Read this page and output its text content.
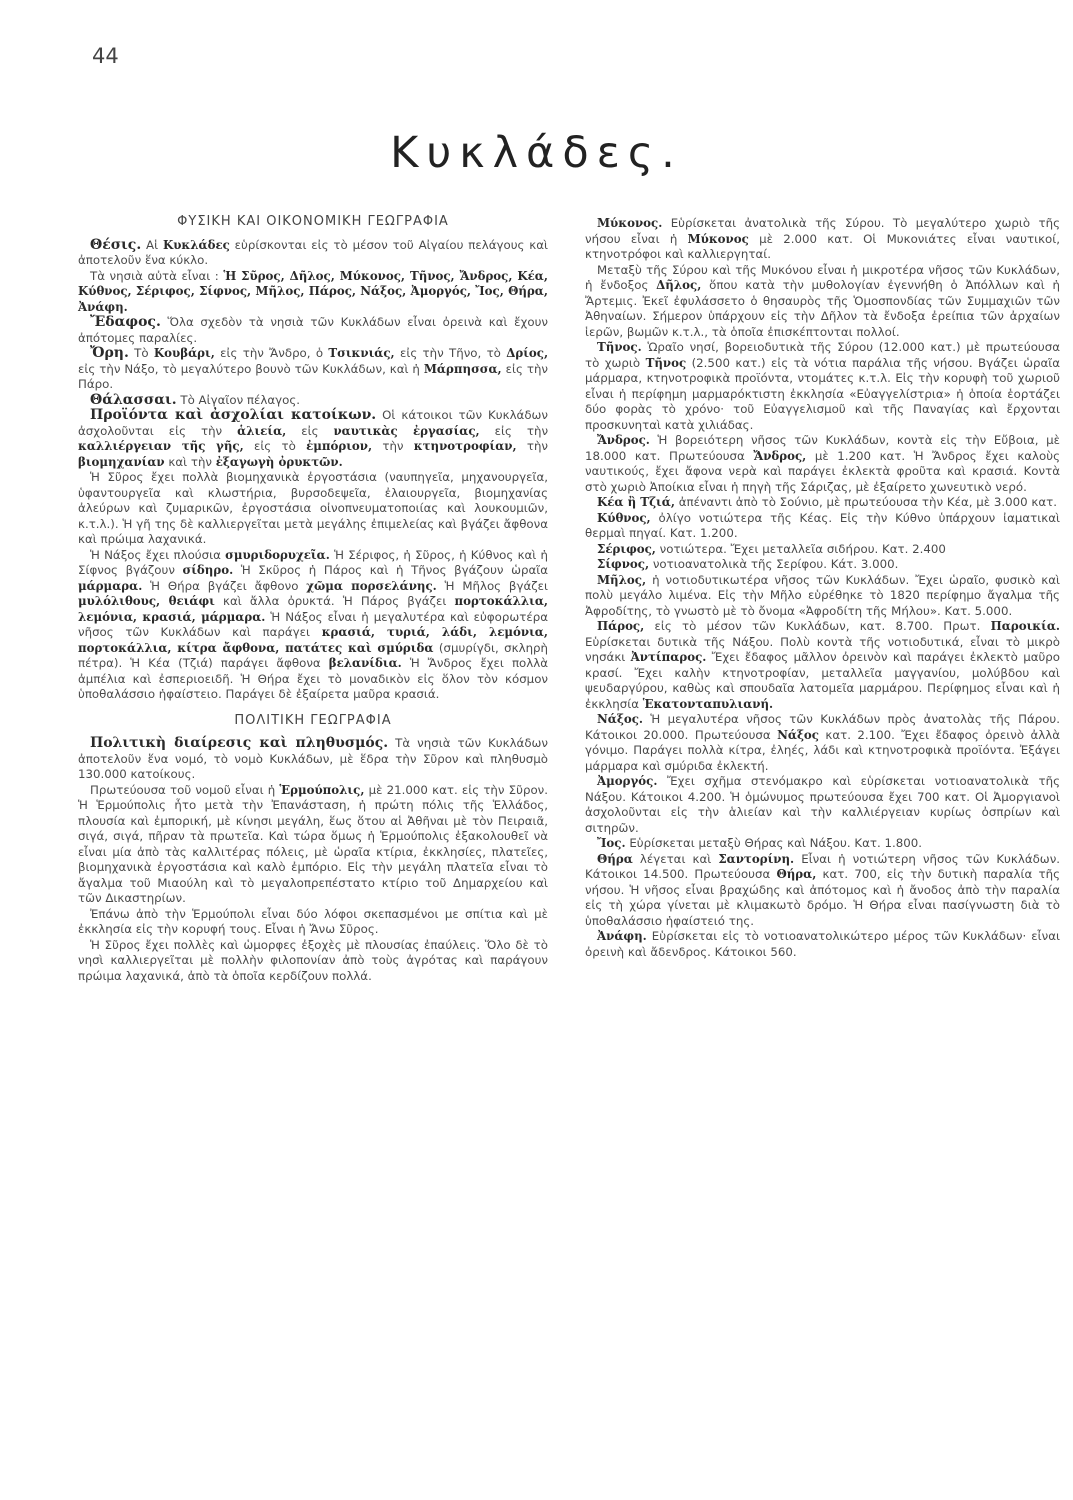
44
Κυκλάδες.
ΦΥΣΙΚΗ ΚΑΙ ΟΙΚΟΝΟΜΙΚΗ ΓΕΩΓΡΑΦΙΑ

Θέσις. Αἱ Κυκλάδες εὑρίσκονται εἰς τὸ μέσον τοῦ Αἰγαίου πελάγους καὶ ἀποτελοῦν ἕνα κύκλο.

Τὰ νησιὰ αὐτὰ εἶναι : Ἡ Σῦρος, Δῆλος, Μύκονος, Τῆνος, Ἄνδρος, Κέα, Κύθνος, Σέριφος, Σίφνος, Μῆλος, Πάρος, Νάξος, Ἀμοργός, Ἴος, Θήρα, Ἀνάφη.

Ἔδαφος. Ὅλα σχεδὸν τὰ νησιὰ τῶν Κυκλάδων εἶναι ὀρεινὰ καὶ ἔχουν ἀπότομες παραλίες.

Ὄρη. Τὸ Κουβάρι, εἰς τὴν Ἄνδρο, ὁ Τσικνιάς, εἰς τὴν Τῆνο, τὸ Δρίος, εἰς τὴν Νάξο, τὸ μεγαλύτερο βουνὸ τῶν Κυκλάδων, καὶ ἡ Μάρπησσα, εἰς τὴν Πάρο.

Θάλασσαι. Τὸ Αἰγαῖον πέλαγος.

Προϊόντα καὶ ἀσχολίαι κατοίκων. Οἱ κάτοικοι τῶν Κυκλάδων ἀσχολοῦνται εἰς τὴν ἁλιεία, εἰς ναυτικὰς ἐργασίας, εἰς τὴν καλλιέργειαν τῆς γῆς, εἰς τὸ ἐμπόριον, τὴν κτηνοτροφίαν, τὴν βιομηχανίαν καὶ τὴν ἐξαγωγὴ ὀρυκτῶν.

Ἡ Σῦρος ἔχει πολλὰ βιομηχανικὰ ἐργοστάσια (ναυπηγεῖα, μηχανουργεῖα, ὑφαντουργεῖα καὶ κλωστήρια, βυρσοδεψεῖα, ἐλαιουργεῖα, βιομηχανίας ἀλεύρων καὶ ζυμαρικῶν, ἐργοστάσια οἰνοπνευματοποιίας καὶ λουκουμιῶν, κ.τ.λ.). Ἡ γῆ της δὲ καλλιεργεῖται μετὰ μεγάλης ἐπιμελείας καὶ βγάζει ἄφθονα καὶ πρώιμα λαχανικά.

Ἡ Νάξος ἔχει πλούσια σμυριδορυχεῖα. Ἡ Σέριφος, ἡ Σῦρος, ἡ Κύθνος καὶ ἡ Σίφνος βγάζουν σίδηρο. Ἡ Σκῦρος ἡ Πάρος καὶ ἡ Τῆνος βγάζουν ὡραῖα μάρμαρα. Ἡ Θήρα βγάζει ἄφθονο χῶμα πορσελάνης. Ἡ Μῆλος βγάζει μυλόλιθους, θειάφι καὶ ἄλλα ὀρυκτά. Ἡ Πάρος βγάζει πορτοκάλλια, λεμόνια, κρασιά, μάρμαρα. Ἡ Νάξος εἶναι ἡ μεγαλυτέρα καὶ εὐφορωτέρα νῆσος τῶν Κυκλάδων καὶ παράγει κρασιά, τυριά, λάδι, λεμόνια, πορτοκάλλια, κίτρα ἄφθονα, πατάτες καὶ σμύριδα (σμυρίγδι, σκληρὴ πέτρα). Ἡ Κέα (Τζιά) παράγει ἄφθονα βελανίδια. Ἡ Ἄνδρος ἔχει πολλὰ ἀμπέλια καὶ ἐσπεριοειδῆ. Ἡ Θήρα ἔχει τὸ μοναδικὸν εἰς ὅλον τὸν κόσμον ὑποθαλάσσιο ἡφαίστειο. Παράγει δὲ ἐξαίρετα μαῦρα κρασιά.

ΠΟΛΙΤΙΚΗ ΓΕΩΓΡΑΦΙΑ

Πολιτικὴ διαίρεσις καὶ πληθυσμός. Τὰ νησιὰ τῶν Κυκλάδων ἀποτελοῦν ἕνα νομό, τὸ νομὸ Κυκλάδων, μὲ ἕδρα τὴν Σῦρον καὶ πληθυσμὸ 130.000 κατοίκους.

Πρωτεύουσα τοῦ νομοῦ εἶναι ἡ Ἑρμούπολις, μὲ 21.000 κατ. εἰς τὴν Σῦρον. Ἡ Ἑρμούπολις ἦτο μετὰ τὴν Ἐπανάσταση, ἡ πρώτη πόλις τῆς Ἑλλάδος, πλουσία καὶ ἐμπορική, μὲ κίνησι μεγάλη, ἕως ὅτου αἱ Ἀθῆναι μὲ τὸν Πειραιᾶ, σιγά, σιγά, πῆραν τὰ πρωτεῖα. Καὶ τώρα ὅμως ἡ Ἑρμούπολις ἐξακολουθεῖ νὰ εἶναι μία ἀπὸ τὰς καλλιτέρας πόλεις, μὲ ὡραῖα κτίρια, ἐκκλησίες, πλατεῖες, βιομηχανικὰ ἐργοστάσια καὶ καλὸ ἐμπόριο. Εἰς τὴν μεγάλη πλατεῖα εἶναι τὸ ἄγαλμα τοῦ Μιαούλη καὶ τὸ μεγαλοπρεπέστατο κτίριο τοῦ Δημαρχείου καὶ τῶν Δικαστηρίων.

Ἐπάνω ἀπὸ τὴν Ἑρμούπολι εἶναι δύο λόφοι σκεπασμένοι με σπίτια καὶ μὲ ἐκκλησία εἰς τὴν κορυφή τους. Εἶναι ἡ Ἄνω Σῦρος.

Ἡ Σῦρος ἔχει πολλὲς καὶ ὡμορφες ἐξοχὲς μὲ πλουσίας ἐπαύλεις. Ὅλο δὲ τὸ νησὶ καλλιεργεῖται μὲ πολλὴν φιλοπονίαν ἀπὸ τοὺς ἀγρότας καὶ παράγουν πρώιμα λαχανικά, ἀπὸ τὰ ὁποῖα κερδίζουν πολλά.

Μύκονος. Εὑρίσκεται ἀνατολικὰ τῆς Σύρου. Τὸ μεγαλύτερο χωριὸ τῆς νήσου εἶναι ἡ Μύκονος μὲ 2.000 κατ. Οἱ Μυκονιάτες εἶναι ναυτικοί, κτηνοτρόφοι καὶ καλλιεργηταί.

Μεταξὺ τῆς Σύρου καὶ τῆς Μυκόνου εἶναι ἡ μικροτέρα νῆσος τῶν Κυκλάδων, ἡ ἔνδοξος Δῆλος, ὅπου κατὰ τὴν μυθολογίαν ἐγεννήθη ὁ Ἀπόλλων καὶ ἡ Ἄρτεμις. Ἐκεῖ ἐφυλάσσετο ὁ θησαυρὸς τῆς Ὁμοσπονδίας τῶν Συμμαχιῶν τῶν Ἀθηναίων. Σήμερον ὑπάρχουν εἰς τὴν Δῆλον τὰ ἔνδοξα ἐρείπια τῶν ἀρχαίων ἱερῶν, βωμῶν κ.τ.λ., τὰ ὁποῖα ἐπισκέπτονται πολλοί.

Τῆνος. Ὡραῖο νησί, βορειοδυτικὰ τῆς Σύρου (12.000 κατ.) μὲ πρωτεύουσα τὸ χωριὸ Τῆνος (2.500 κατ.) εἰς τὰ νότια παράλια τῆς νήσου. Βγάζει ὡραῖα μάρμαρα, κτηνοτροφικὰ προϊόντα, ντομάτες κ.τ.λ. Εἰς τὴν κορυφὴ τοῦ χωριοῦ εἶναι ἡ περίφημη μαρμαρόκτιστη ἐκκλησία «Εὐαγγελίστρια» ἡ ὁποία ἑορτάζει δύο φορὰς τὸ χρόνο· τοῦ Εὐαγγελισμοῦ καὶ τῆς Παναγίας καὶ ἔρχονται προσκυνηταὶ κατὰ χιλιάδας.

Ἄνδρος. Ἡ βορειότερη νῆσος τῶν Κυκλάδων, κοντὰ εἰς τὴν Εὔβοια, μὲ 18.000 κατ. Πρωτεύουσα Ἄνδρος, μὲ 1.200 κατ. Ἡ Ἄνδρος ἔχει καλοὺς ναυτικούς, ἔχει ἄφονα νερὰ καὶ παράγει ἐκλεκτὰ φροῦτα καὶ κρασιά. Κοντὰ στὸ χωριὸ Ἀποίκια εἶναι ἡ πηγὴ τῆς Σάριζας, μὲ ἐξαίρετο χωνευτικὸ νερό.

Κέα ἢ Τζιά, ἀπέναντι ἀπὸ τὸ Σούνιο, μὲ πρωτεύουσα τὴν Κέα, μὲ 3.000 κατ.

Κύθνος, ὀλίγο νοτιώτερα τῆς Κέας. Εἰς τὴν Κύθνο ὑπάρχουν ἰαματικαὶ θερμαὶ πηγαί. Κατ. 1.200.

Σέριφος, νοτιώτερα. Ἔχει μεταλλεῖα σιδήρου. Κατ. 2.400

Σίφνος, νοτιοανατολικὰ τῆς Σερίφου. Κάτ. 3.000.

Μῆλος, ἡ νοτιοδυτικωτέρα νῆσος τῶν Κυκλάδων. Ἔχει ὡραῖο, φυσικὸ καὶ πολὺ μεγάλο λιμένα. Εἰς τὴν Μῆλο εὑρέθηκε τὸ 1820 περίφημο ἄγαλμα τῆς Ἀφροδίτης, τὸ γνωστὸ μὲ τὸ ὄνομα «Ἀφροδίτη τῆς Μήλου». Κατ. 5.000.

Πάρος, εἰς τὸ μέσον τῶν Κυκλάδων, κατ. 8.700. Πρωτ. Παροικία. Εὑρίσκεται δυτικὰ τῆς Νάξου. Πολὺ κοντὰ τῆς νοτιοδυτικά, εἶναι τὸ μικρὸ νησάκι Ἀντίπαρος. Ἔχει ἔδαφος μᾶλλον ὀρεινὸν καὶ παράγει ἐκλεκτὸ μαῦρο κρασί. Ἔχει καλὴν κτηνοτροφίαν, μεταλλεῖα μαγγανίου, μολύβδου καὶ ψευδαργύρου, καθὼς καὶ σπουδαῖα λατομεῖα μαρμάρου. Περίφημος εἶναι καὶ ἡ ἐκκλησία Ἑκατονταπυλιανή.

Νάξος. Ἡ μεγαλυτέρα νῆσος τῶν Κυκλάδων πρὸς ἀνατολὰς τῆς Πάρου. Κάτοικοι 20.000. Πρωτεύουσα Νάξος κατ. 2.100. Ἔχει ἔδαφος ὀρεινὸ ἀλλὰ γόνιμο. Παράγει πολλὰ κίτρα, ἐληές, λάδι καὶ κτηνοτροφικὰ προϊόντα. Ἐξάγει μάρμαρα καὶ σμύριδα ἐκλεκτή.

Ἀμοργός. Ἔχει σχῆμα στενόμακρο καὶ εὑρίσκεται νοτιοανατολικὰ τῆς Νάξου. Κάτοικοι 4.200. Ἡ ὁμώνυμος πρωτεύουσα ἔχει 700 κατ. Οἱ Ἀμοργιανοὶ ἀσχολοῦνται εἰς τὴν ἁλιείαν καὶ τὴν καλλιέργειαν κυρίως ὀσπρίων καὶ σιτηρῶν.

Ἴος. Εὑρίσκεται μεταξὺ Θήρας καὶ Νάξου. Κατ. 1.800.

Θήρα λέγεται καὶ Σαντορίνη. Εἶναι ἡ νοτιώτερη νῆσος τῶν Κυκλάδων. Κάτοικοι 14.500. Πρωτεύουσα Θήρα, κατ. 700, εἰς τὴν δυτικὴ παραλία τῆς νήσου. Ἡ νῆσος εἶναι βραχώδης καὶ ἀπότομος καὶ ἡ ἄνοδος ἀπὸ τὴν παραλία εἰς τὴ χώρα γίνεται μὲ κλιμακωτὸ δρόμο. Ἡ Θήρα εἶναι πασίγνωστη διὰ τὸ ὑποθαλάσσιο ἡφαίστειό της.

Ἀνάφη. Εὑρίσκεται εἰς τὸ νοτιοανατολικώτερο μέρος τῶν Κυκλάδων· εἶναι ὀρεινὴ καὶ ἄδενδρος. Κάτοικοι 560.
